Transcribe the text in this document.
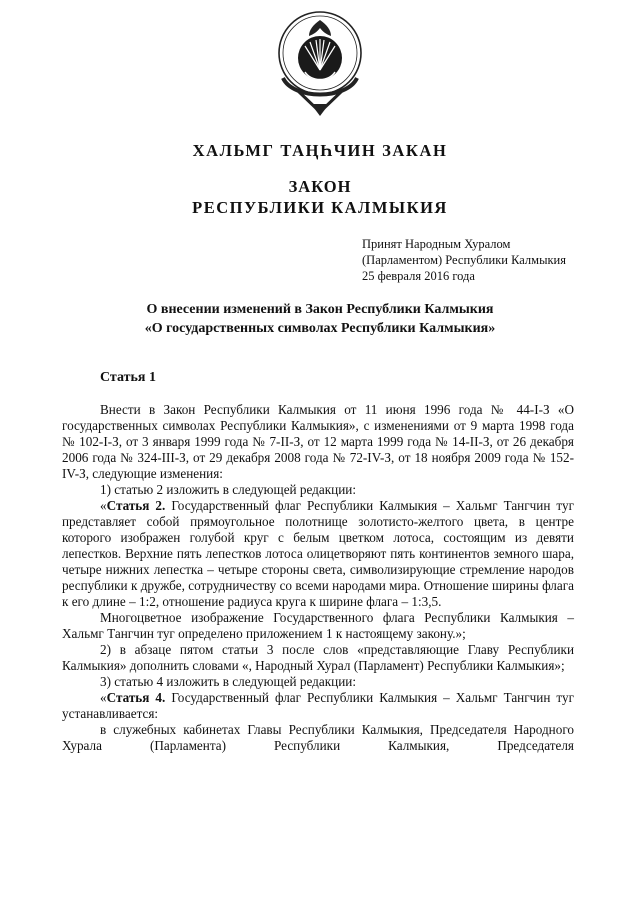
ХАЛЬМГ ТАҢҺЧИН ЗАКАН
ЗАКОН
РЕСПУБЛИКИ КАЛМЫКИЯ
Принят Народным Хуралом
(Парламентом) Республики Калмыкия
25 февраля 2016 года
О внесении изменений в Закон Республики Калмыкия
«О государственных символах Республики Калмыкия»
Статья 1

Внести в Закон Республики Калмыкия от 11 июня 1996 года № 44-I-З «О государственных символах Республики Калмыкия», с изменениями от 9 марта 1998 года № 102-I-З, от 3 января 1999 года № 7-II-З, от 12 марта 1999 года № 14-II-З, от 26 декабря 2006 года № 324-III-З, от 29 декабря 2008 года № 72-IV-З, от 18 ноября 2009 года № 152-IV-З, следующие изменения:

1) статью 2 изложить в следующей редакции:

«Статья 2. Государственный флаг Республики Калмыкия – Хальмг Тангчин туг представляет собой прямоугольное полотнище золотисто-желтого цвета, в центре которого изображен голубой круг с белым цветком лотоса, состоящим из девяти лепестков. Верхние пять лепестков лотоса олицетворяют пять континентов земного шара, четыре нижних лепестка – четыре стороны света, символизирующие стремление народов республики к дружбе, сотрудничеству со всеми народами мира. Отношение ширины флага к его длине – 1:2, отношение радиуса круга к ширине флага – 1:3,5.

Многоцветное изображение Государственного флага Республики Калмыкия – Хальмг Тангчин туг определено приложением 1 к настоящему закону.»;

2) в абзаце пятом статьи 3 после слов «представляющие Главу Республики Калмыкия» дополнить словами «, Народный Хурал (Парламент) Республики Калмыкия»;

3) статью 4 изложить в следующей редакции:

«Статья 4. Государственный флаг Республики Калмыкия – Хальмг Тангчин туг устанавливается:

в служебных кабинетах Главы Республики Калмыкия, Председателя Народного Хурала (Парламента) Республики Калмыкия, Председателя
